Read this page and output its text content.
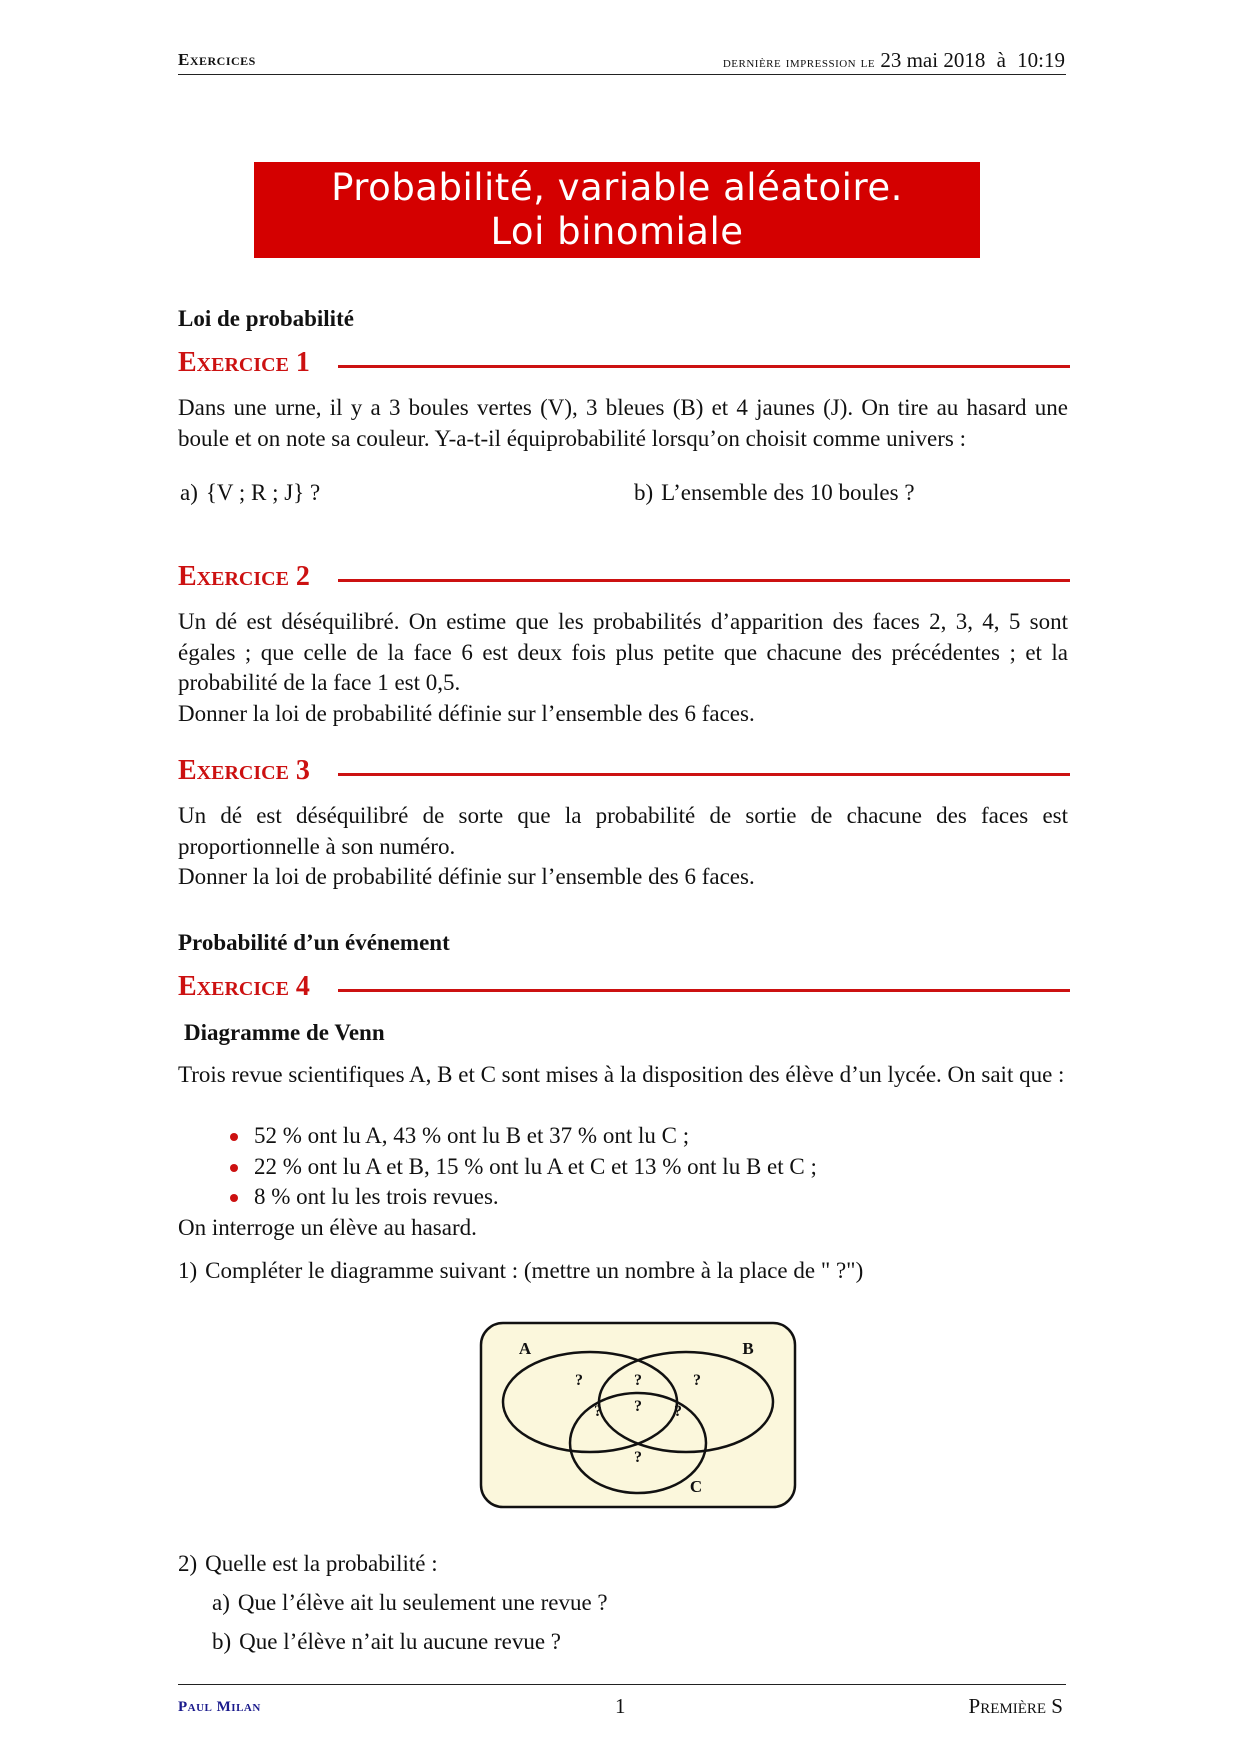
Exercices	dernière impression le 23 mai 2018 à 10:19
Probabilité, variable aléatoire.
Loi binomiale
Loi de probabilité
Exercice 1
Dans une urne, il y a 3 boules vertes (V), 3 bleues (B) et 4 jaunes (J). On tire au hasard une boule et on note sa couleur. Y-a-t-il équiprobabilité lorsqu’on choisit comme univers :
a) {V ; R ; J} ?	b) L’ensemble des 10 boules ?
Exercice 2
Un dé est déséquilibré. On estime que les probabilités d’apparition des faces 2, 3, 4, 5 sont égales ; que celle de la face 6 est deux fois plus petite que chacune des précédentes ; et la probabilité de la face 1 est 0,5.
Donner la loi de probabilité définie sur l’ensemble des 6 faces.
Exercice 3
Un dé est déséquilibré de sorte que la probabilité de sortie de chacune des faces est proportionnelle à son numéro.
Donner la loi de probabilité définie sur l’ensemble des 6 faces.
Probabilité d’un événement
Exercice 4
Diagramme de Venn
Trois revue scientifiques A, B et C sont mises à la disposition des élève d’un lycée. On sait que :
52 % ont lu A, 43 % ont lu B et 37 % ont lu C ;
22 % ont lu A et B, 15 % ont lu A et C et 13 % ont lu B et C ;
8 % ont lu les trois revues.
On interroge un élève au hasard.
1) Compléter le diagramme suivant : (mettre un nombre à la place de " ?")
A	B
C
?	?	?
?
?	?
?
2) Quelle est la probabilité :
a) Que l’élève ait lu seulement une revue ?
b) Que l’élève n’ait lu aucune revue ?
Paul Milan	1	Première S
